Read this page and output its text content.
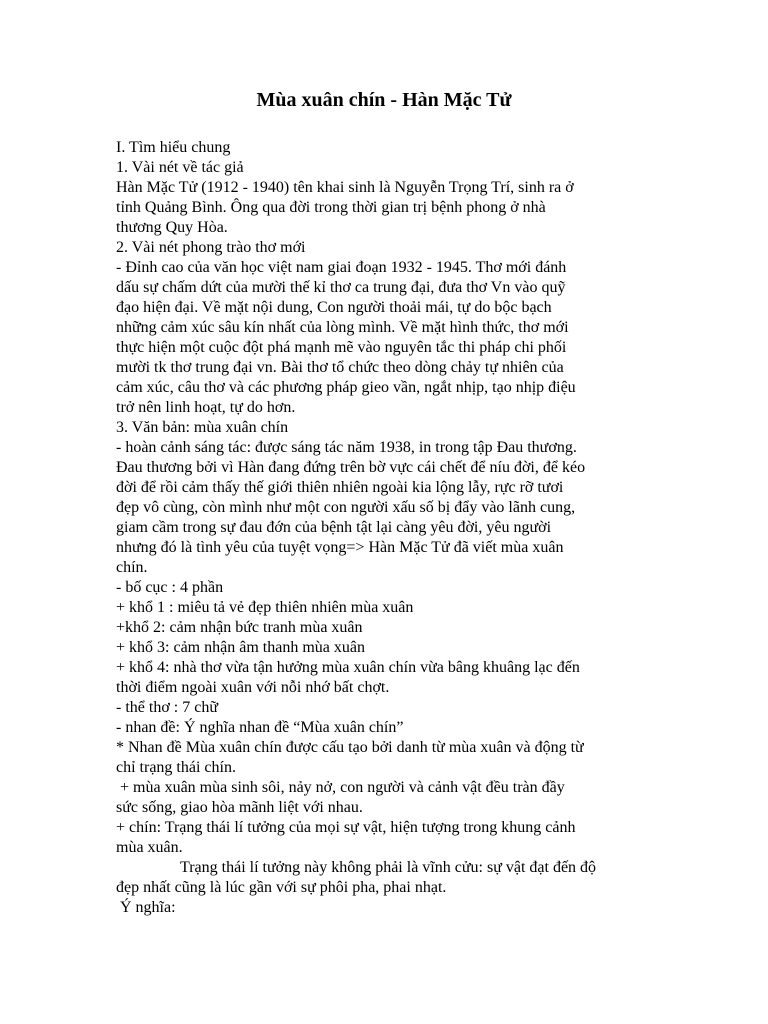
Mùa xuân chín - Hàn Mặc Tử
I. Tìm hiểu chung
1. Vài nét về tác giả
Hàn Mặc Tử (1912 - 1940) tên khai sinh là Nguyễn Trọng Trí, sinh ra ở
tỉnh Quảng Bình. Ông qua đời trong thời gian trị bệnh phong ở nhà
thương Quy Hòa.
2. Vài nét phong trào thơ mới
- Đỉnh cao của văn học việt nam giai đoạn 1932 - 1945. Thơ mới đánh
dấu sự chấm dứt của mười thế kỉ thơ ca trung đại, đưa thơ Vn vào quỹ
đạo hiện đại. Về mặt nội dung, Con người thoải mái, tự do bộc bạch
những cảm xúc sâu kín nhất của lòng mình. Về mặt hình thức, thơ mới
thực hiện một cuộc đột phá mạnh mẽ vào nguyên tắc thi pháp chi phối
mười tk thơ trung đại vn. Bài thơ tổ chức theo dòng chảy tự nhiên của
cảm xúc, câu thơ và các phương pháp gieo vần, ngắt nhịp, tạo nhịp điệu
trở nên linh hoạt, tự do hơn.
3. Văn bản: mùa xuân chín
- hoàn cảnh sáng tác: được sáng tác năm 1938, in trong tập Đau thương.
Đau thương bởi vì Hàn đang đứng trên bờ vực cái chết để níu đời, để kéo
đời để rồi cảm thấy thế giới thiên nhiên ngoài kia lộng lẫy, rực rỡ tươi
đẹp vô cùng, còn mình như một con người xấu số bị đẩy vào lãnh cung,
giam cầm trong sự đau đớn của bệnh tật lại càng yêu đời, yêu người
nhưng đó là tình yêu của tuyệt vọng=> Hàn Mặc Tử đã viết mùa xuân
chín.
- bố cục : 4 phần
+ khổ 1 : miêu tả vẻ đẹp thiên nhiên mùa xuân
+khổ 2: cảm nhận bức tranh mùa xuân
+ khổ 3: cảm nhận âm thanh mùa xuân
+ khổ 4: nhà thơ vừa tận hưởng mùa xuân chín vừa bâng khuâng lạc đến
thời điểm ngoài xuân với nỗi nhớ bất chợt.
- thể thơ : 7 chữ
- nhan đề: Ý nghĩa nhan đề “Mùa xuân chín”
* Nhan đề Mùa xuân chín được cấu tạo bởi danh từ mùa xuân và động từ
chỉ trạng thái chín.
+ mùa xuân mùa sinh sôi, nảy nở, con người và cảnh vật đều tràn đầy
sức sống, giao hòa mãnh liệt với nhau.
+ chín: Trạng thái lí tưởng của mọi sự vật, hiện tượng trong khung cảnh
mùa xuân.
Trạng thái lí tưởng này không phải là vĩnh cửu: sự vật đạt đến độ
đẹp nhất cũng là lúc gần với sự phôi pha, phai nhạt.
Ý nghĩa:
